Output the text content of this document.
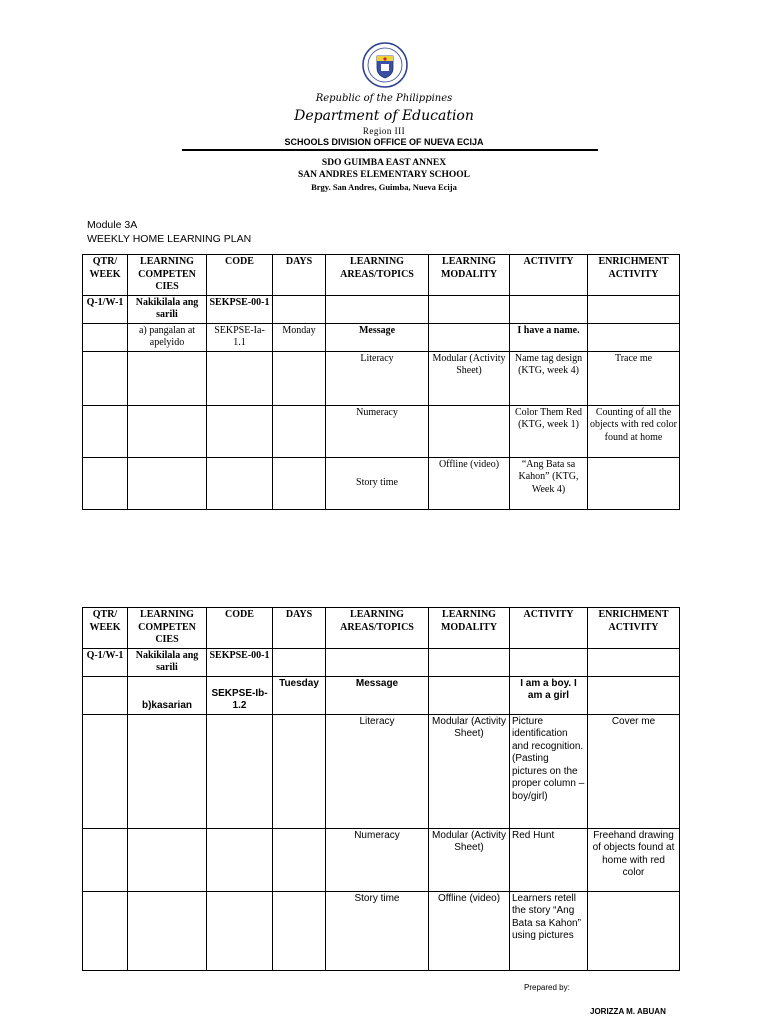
Republic of the Philippines
Department of Education
Region III
SCHOOLS DIVISION OFFICE OF NUEVA ECIJA
SDO GUIMBA EAST ANNEX
SAN ANDRES ELEMENTARY SCHOOL
Brgy. San Andres, Guimba, Nueva Ecija
Module 3A
WEEKLY HOME LEARNING PLAN
QTR/ WEEK	LEARNING COMPETEN CIES	CODE	DAYS	LEARNING AREAS/TOPICS	LEARNING MODALITY	ACTIVITY	ENRICHMENT ACTIVITY
Q-1/W-1	Nakikilala ang sarili	SEKPSE-00-1					
	a) pangalan at apelyido	SEKPSE-Ia-1.1	Monday	Message		I have a name.	
				Literacy	Modular (Activity Sheet)	Name tag design (KTG, week 4)	Trace me
				Numeracy		Color Them Red (KTG, week 1)	Counting of all the objects with red color found at home
				Story time	Offline (video)	“Ang Bata sa Kahon” (KTG, Week 4)	
QTR/ WEEK	LEARNING COMPETEN CIES	CODE	DAYS	LEARNING AREAS/TOPICS	LEARNING MODALITY	ACTIVITY	ENRICHMENT ACTIVITY
Q-1/W-1	Nakikilala ang sarili	SEKPSE-00-1					
	b)kasarian	SEKPSE-Ib-1.2	Tuesday	Message		I am a boy. I am a girl	
				Literacy	Modular (Activity Sheet)	Picture identification and recognition. (Pasting pictures on the proper column – boy/girl)	Cover me
				Numeracy	Modular (Activity Sheet)	Red Hunt	Freehand drawing of objects found at home with red color
				Story time	Offline (video)	Learners retell the story “Ang Bata sa Kahon” using pictures	
Prepared by:
JORIZZA M. ABUAN
